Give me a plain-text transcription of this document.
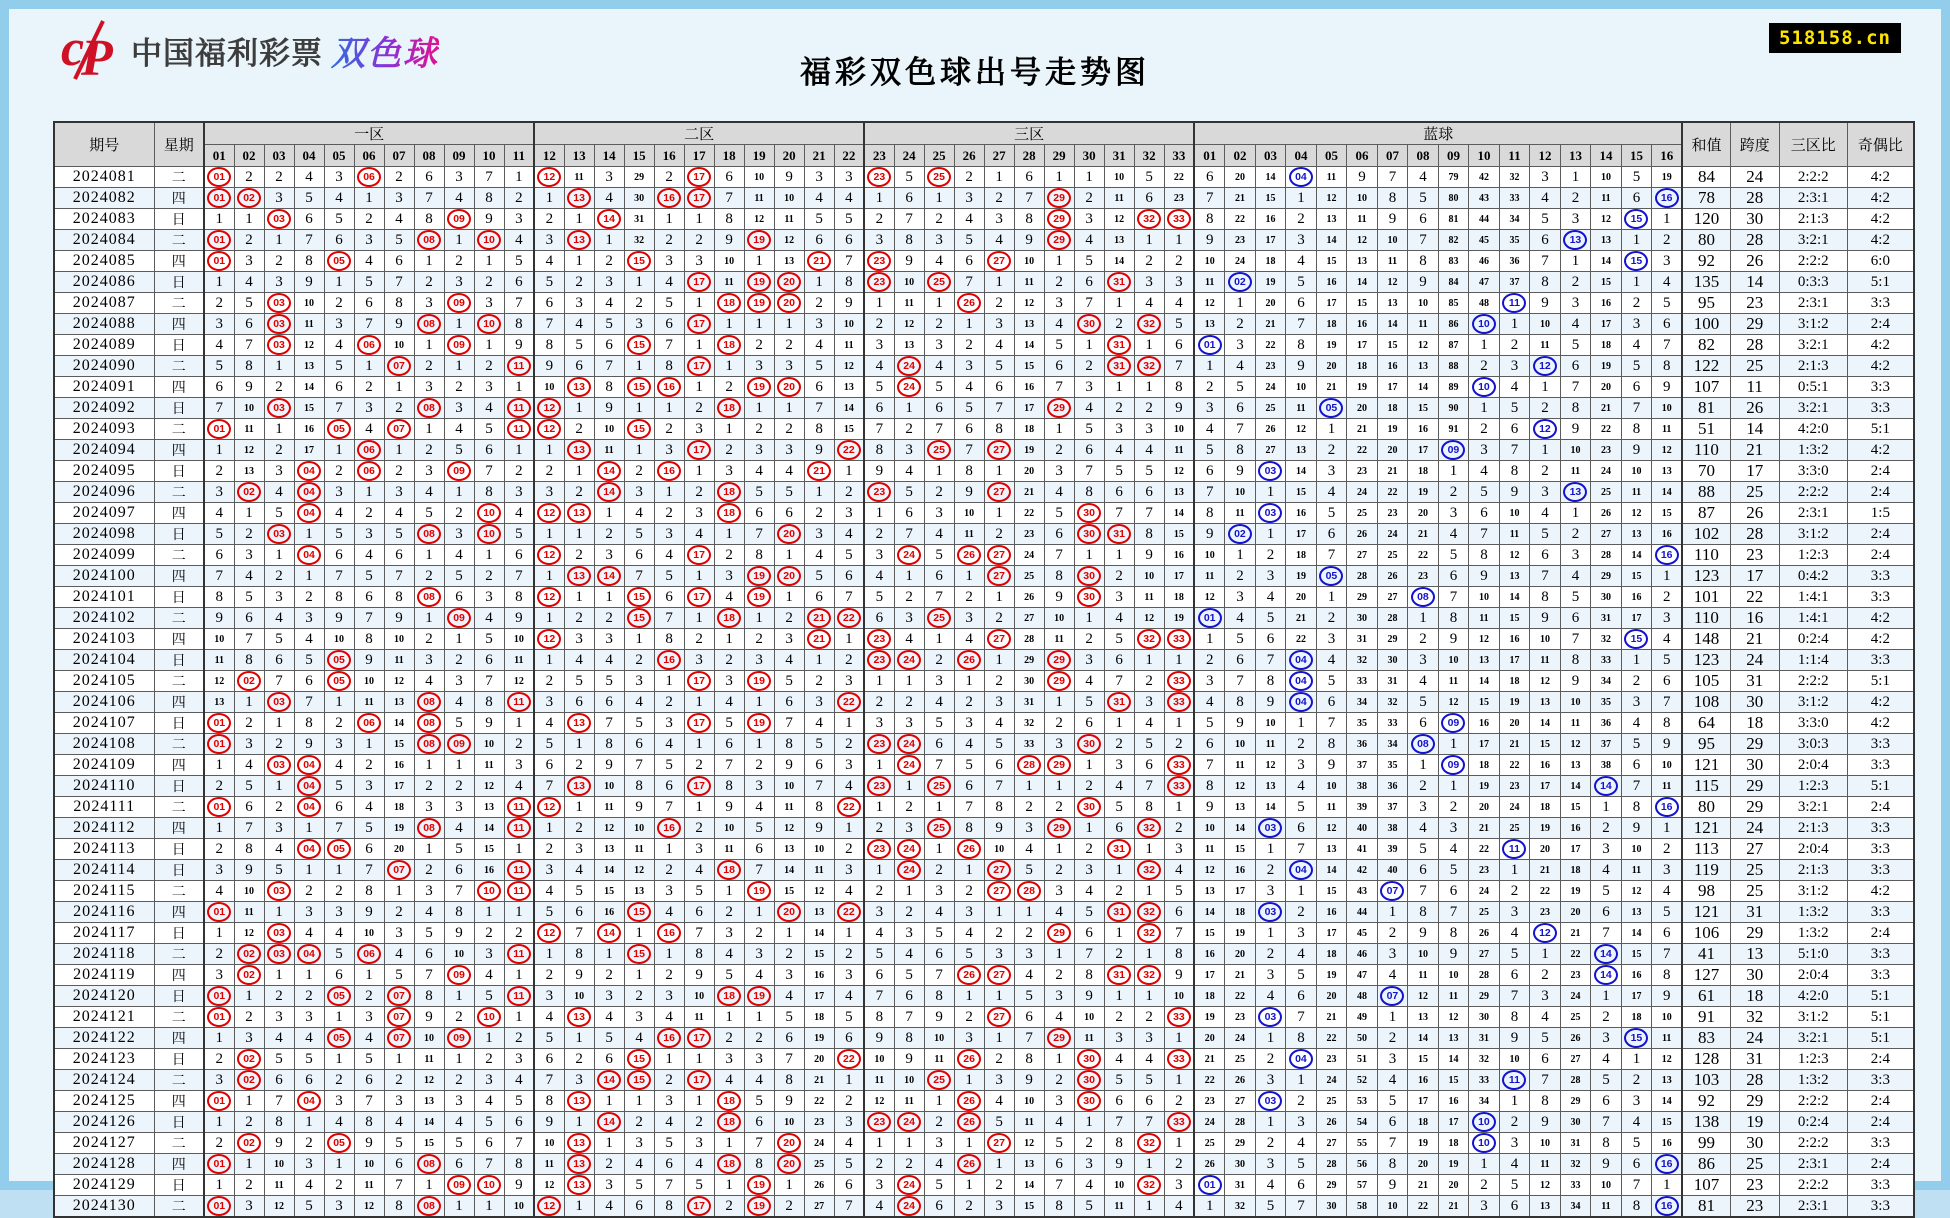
c
P 中国福利彩票 双色球	福彩双色球出号走势图
518158.cn
期号	星期	一区											二区											三区											蓝球																和值	跨度	三区比	奇偶比
		01	02	03	04	05	06	07	08	09	10	11	12	13	14	15	16	17	18	19	20	21	22	23	24	25	26	27	28	29	30	31	32	33	01	02	03	04	05	06	07	08	09	10	11	12	13	14	15	16				
2024081	二	01	2	2	4	3	06	2	6	3	7	1	12	11	3	29	2	17	6	10	9	3	3	23	5	25	2	1	6	1	1	10	5	22	6	20	14	04	11	9	7	4	79	42	32	3	1	10	5	19	84	24	2:2:2	4:2
2024082	四	01	02	3	5	4	1	3	7	4	8	2	1	13	4	30	16	17	7	11	10	4	4	1	6	1	3	2	7	29	2	11	6	23	7	21	15	1	12	10	8	5	80	43	33	4	2	11	6	16	78	28	2:3:1	4:2
2024083	日	1	1	03	6	5	2	4	8	09	9	3	2	1	14	31	1	1	8	12	11	5	5	2	7	2	4	3	8	29	3	12	32	33	8	22	16	2	13	11	9	6	81	44	34	5	3	12	15	1	120	30	2:1:3	4:2
2024084	二	01	2	1	7	6	3	5	08	1	10	4	3	13	1	32	2	2	9	19	12	6	6	3	8	3	5	4	9	29	4	13	1	1	9	23	17	3	14	12	10	7	82	45	35	6	13	13	1	2	80	28	3:2:1	4:2
2024085	四	01	3	2	8	05	4	6	1	2	1	5	4	1	2	15	3	3	10	1	13	21	7	23	9	4	6	27	10	1	5	14	2	2	10	24	18	4	15	13	11	8	83	46	36	7	1	14	15	3	92	26	2:2:2	6:0
2024086	日	1	4	3	9	1	5	7	2	3	2	6	5	2	3	1	4	17	11	19	20	1	8	23	10	25	7	1	11	2	6	31	3	3	11	02	19	5	16	14	12	9	84	47	37	8	2	15	1	4	135	14	0:3:3	5:1
2024087	二	2	5	03	10	2	6	8	3	09	3	7	6	3	4	2	5	1	18	19	20	2	9	1	11	1	26	2	12	3	7	1	4	4	12	1	20	6	17	15	13	10	85	48	11	9	3	16	2	5	95	23	2:3:1	3:3
2024088	四	3	6	03	11	3	7	9	08	1	10	8	7	4	5	3	6	17	1	1	1	3	10	2	12	2	1	3	13	4	30	2	32	5	13	2	21	7	18	16	14	11	86	10	1	10	4	17	3	6	100	29	3:1:2	2:4
2024089	日	4	7	03	12	4	06	10	1	09	1	9	8	5	6	15	7	1	18	2	2	4	11	3	13	3	2	4	14	5	1	31	1	6	01	3	22	8	19	17	15	12	87	1	2	11	5	18	4	7	82	28	3:2:1	4:2
2024090	二	5	8	1	13	5	1	07	2	1	2	11	9	6	7	1	8	17	1	3	3	5	12	4	24	4	3	5	15	6	2	31	32	7	1	4	23	9	20	18	16	13	88	2	3	12	6	19	5	8	122	25	2:1:3	4:2
2024091	四	6	9	2	14	6	2	1	3	2	3	1	10	13	8	15	16	1	2	19	20	6	13	5	24	5	4	6	16	7	3	1	1	8	2	5	24	10	21	19	17	14	89	10	4	1	7	20	6	9	107	11	0:5:1	3:3
2024092	日	7	10	03	15	7	3	2	08	3	4	11	12	1	9	1	1	2	18	1	1	7	14	6	1	6	5	7	17	29	4	2	2	9	3	6	25	11	05	20	18	15	90	1	5	2	8	21	7	10	81	26	3:2:1	3:3
2024093	二	01	11	1	16	05	4	07	1	4	5	11	12	2	10	15	2	3	1	2	2	8	15	7	2	7	6	8	18	1	5	3	3	10	4	7	26	12	1	21	19	16	91	2	6	12	9	22	8	11	51	14	4:2:0	5:1
2024094	四	1	12	2	17	1	06	1	2	5	6	1	1	13	11	1	3	17	2	3	3	9	22	8	3	25	7	27	19	2	6	4	4	11	5	8	27	13	2	22	20	17	09	3	7	1	10	23	9	12	110	21	1:3:2	4:2
2024095	日	2	13	3	04	2	06	2	3	09	7	2	2	1	14	2	16	1	3	4	4	21	1	9	4	1	8	1	20	3	7	5	5	12	6	9	03	14	3	23	21	18	1	4	8	2	11	24	10	13	70	17	3:3:0	2:4
2024096	二	3	02	4	04	3	1	3	4	1	8	3	3	2	14	3	1	2	18	5	5	1	2	23	5	2	9	27	21	4	8	6	6	13	7	10	1	15	4	24	22	19	2	5	9	3	13	25	11	14	88	25	2:2:2	2:4
2024097	四	4	1	5	04	4	2	4	5	2	10	4	12	13	1	4	2	3	18	6	6	2	3	1	6	3	10	1	22	5	30	7	7	14	8	11	03	16	5	25	23	20	3	6	10	4	1	26	12	15	87	26	2:3:1	1:5
2024098	日	5	2	03	1	5	3	5	08	3	10	5	1	1	2	5	3	4	1	7	20	3	4	2	7	4	11	2	23	6	30	31	8	15	9	02	1	17	6	26	24	21	4	7	11	5	2	27	13	16	102	28	3:1:2	2:4
2024099	二	6	3	1	04	6	4	6	1	4	1	6	12	2	3	6	4	17	2	8	1	4	5	3	24	5	26	27	24	7	1	1	9	16	10	1	2	18	7	27	25	22	5	8	12	6	3	28	14	16	110	23	1:2:3	2:4
2024100	四	7	4	2	1	7	5	7	2	5	2	7	1	13	14	7	5	1	3	19	20	5	6	4	1	6	1	27	25	8	30	2	10	17	11	2	3	19	05	28	26	23	6	9	13	7	4	29	15	1	123	17	0:4:2	3:3
2024101	日	8	5	3	2	8	6	8	08	6	3	8	12	1	1	15	6	17	4	19	1	6	7	5	2	7	2	1	26	9	30	3	11	18	12	3	4	20	1	29	27	08	7	10	14	8	5	30	16	2	101	22	1:4:1	3:3
2024102	二	9	6	4	3	9	7	9	1	09	4	9	1	2	2	15	7	1	18	1	2	21	22	6	3	25	3	2	27	10	1	4	12	19	01	4	5	21	2	30	28	1	8	11	15	9	6	31	17	3	110	16	1:4:1	4:2
2024103	四	10	7	5	4	10	8	10	2	1	5	10	12	3	3	1	8	2	1	2	3	21	1	23	4	1	4	27	28	11	2	5	32	33	1	5	6	22	3	31	29	2	9	12	16	10	7	32	15	4	148	21	0:2:4	4:2
2024104	日	11	8	6	5	05	9	11	3	2	6	11	1	4	4	2	16	3	2	3	4	1	2	23	24	2	26	1	29	29	3	6	1	1	2	6	7	04	4	32	30	3	10	13	17	11	8	33	1	5	123	24	1:1:4	3:3
2024105	二	12	02	7	6	05	10	12	4	3	7	12	2	5	5	3	1	17	3	19	5	2	3	1	1	3	1	2	30	29	4	7	2	33	3	7	8	04	5	33	31	4	11	14	18	12	9	34	2	6	105	31	2:2:2	5:1
2024106	四	13	1	03	7	1	11	13	08	4	8	11	3	6	6	4	2	1	4	1	6	3	22	2	2	4	2	3	31	1	5	31	3	33	4	8	9	04	6	34	32	5	12	15	19	13	10	35	3	7	108	30	3:1:2	4:2
2024107	日	01	2	1	8	2	06	14	08	5	9	1	4	13	7	5	3	17	5	19	7	4	1	3	3	5	3	4	32	2	6	1	4	1	5	9	10	1	7	35	33	6	09	16	20	14	11	36	4	8	64	18	3:3:0	4:2
2024108	二	01	3	2	9	3	1	15	08	09	10	2	5	1	8	6	4	1	6	1	8	5	2	23	24	6	4	5	33	3	30	2	5	2	6	10	11	2	8	36	34	08	1	17	21	15	12	37	5	9	95	29	3:0:3	3:3
2024109	四	1	4	03	04	4	2	16	1	1	11	3	6	2	9	7	5	2	7	2	9	6	3	1	24	7	5	6	28	29	1	3	6	33	7	11	12	3	9	37	35	1	09	18	22	16	13	38	6	10	121	30	2:0:4	3:3
2024110	日	2	5	1	04	5	3	17	2	2	12	4	7	13	10	8	6	17	8	3	10	7	4	23	1	25	6	7	1	1	2	4	7	33	8	12	13	4	10	38	36	2	1	19	23	17	14	14	7	11	115	29	1:2:3	5:1
2024111	二	01	6	2	04	6	4	18	3	3	13	11	12	1	11	9	7	1	9	4	11	8	22	1	2	1	7	8	2	2	30	5	8	1	9	13	14	5	11	39	37	3	2	20	24	18	15	1	8	16	80	29	3:2:1	2:4
2024112	四	1	7	3	1	7	5	19	08	4	14	11	1	2	12	10	16	2	10	5	12	9	1	2	3	25	8	9	3	29	1	6	32	2	10	14	03	6	12	40	38	4	3	21	25	19	16	2	9	1	121	24	2:1:3	3:3
2024113	日	2	8	4	04	05	6	20	1	5	15	1	2	3	13	11	1	3	11	6	13	10	2	23	24	1	26	10	4	1	2	31	1	3	11	15	1	7	13	41	39	5	4	22	11	20	17	3	10	2	113	27	2:0:4	3:3
2024114	日	3	9	5	1	1	7	07	2	6	16	11	3	4	14	12	2	4	18	7	14	11	3	1	24	2	1	27	5	2	3	1	32	4	12	16	2	04	14	42	40	6	5	23	1	21	18	4	11	3	119	25	2:1:3	3:3
2024115	二	4	10	03	2	2	8	1	3	7	10	11	4	5	15	13	3	5	1	19	15	12	4	2	1	3	2	27	28	3	4	2	1	5	13	17	3	1	15	43	07	7	6	24	2	22	19	5	12	4	98	25	3:1:2	4:2
2024116	四	01	11	1	3	3	9	2	4	8	1	1	5	6	16	15	4	6	2	1	20	13	22	3	2	4	3	1	1	4	5	31	32	6	14	18	03	2	16	44	1	8	7	25	3	23	20	6	13	5	121	31	1:3:2	3:3
2024117	日	1	12	03	4	4	10	3	5	9	2	2	12	7	14	1	16	7	3	2	1	14	1	4	3	5	4	2	2	29	6	1	32	7	15	19	1	3	17	45	2	9	8	26	4	12	21	7	14	6	106	29	1:3:2	2:4
2024118	二	2	02	03	04	5	06	4	6	10	3	11	1	8	1	15	1	8	4	3	2	15	2	5	4	6	5	3	3	1	7	2	1	8	16	20	2	4	18	46	3	10	9	27	5	1	22	14	15	7	41	13	5:1:0	3:3
2024119	四	3	02	1	1	6	1	5	7	09	4	1	2	9	2	1	2	9	5	4	3	16	3	6	5	7	26	27	4	2	8	31	32	9	17	21	3	5	19	47	4	11	10	28	6	2	23	14	16	8	127	30	2:0:4	3:3
2024120	日	01	1	2	2	05	2	07	8	1	5	11	3	10	3	2	3	10	18	19	4	17	4	7	6	8	1	1	5	3	9	1	1	10	18	22	4	6	20	48	07	12	11	29	7	3	24	1	17	9	61	18	4:2:0	5:1
2024121	二	01	2	3	3	1	3	07	9	2	10	1	4	13	4	3	4	11	1	1	5	18	5	8	7	9	2	27	6	4	10	2	2	33	19	23	03	7	21	49	1	13	12	30	8	4	25	2	18	10	91	32	3:1:2	5:1
2024122	四	1	3	4	4	05	4	07	10	09	1	2	5	1	5	4	16	17	2	2	6	19	6	9	8	10	3	1	7	29	11	3	3	1	20	24	1	8	22	50	2	14	13	31	9	5	26	3	15	11	83	24	3:2:1	5:1
2024123	日	2	02	5	5	1	5	1	11	1	2	3	6	2	6	15	1	1	3	3	7	20	22	10	9	11	26	2	8	1	30	4	4	33	21	25	2	04	23	51	3	15	14	32	10	6	27	4	1	12	128	31	1:2:3	2:4
2024124	二	3	02	6	6	2	6	2	12	2	3	4	7	3	14	15	2	17	4	4	8	21	1	11	10	25	1	3	9	2	30	5	5	1	22	26	3	1	24	52	4	16	15	33	11	7	28	5	2	13	103	28	1:3:2	3:3
2024125	四	01	1	7	04	3	7	3	13	3	4	5	8	13	1	1	3	1	18	5	9	22	2	12	11	1	26	4	10	3	30	6	6	2	23	27	03	2	25	53	5	17	16	34	1	8	29	6	3	14	92	29	2:2:2	2:4
2024126	日	1	2	8	1	4	8	4	14	4	5	6	9	1	14	2	4	2	18	6	10	23	3	23	24	2	26	5	11	4	1	7	7	33	24	28	1	3	26	54	6	18	17	10	2	9	30	7	4	15	138	19	0:2:4	2:4
2024127	二	2	02	9	2	05	9	5	15	5	6	7	10	13	1	3	5	3	1	7	20	24	4	1	1	3	1	27	12	5	2	8	32	1	25	29	2	4	27	55	7	19	18	10	3	10	31	8	5	16	99	30	2:2:2	3:3
2024128	四	01	1	10	3	1	10	6	08	6	7	8	11	13	2	4	6	4	18	8	20	25	5	2	2	4	26	1	13	6	3	9	1	2	26	30	3	5	28	56	8	20	19	1	4	11	32	9	6	16	86	25	2:3:1	2:4
2024129	日	1	2	11	4	2	11	7	1	09	10	9	12	13	3	5	7	5	1	19	1	26	6	3	24	5	1	2	14	7	4	10	32	3	01	31	4	6	29	57	9	21	20	2	5	12	33	10	7	1	107	23	2:2:2	3:3
2024130	二	01	3	12	5	3	12	8	08	1	1	10	12	1	4	6	8	17	2	19	2	27	7	4	24	6	2	3	15	8	5	11	1	4	1	32	5	7	30	58	10	22	21	3	6	13	34	11	8	16	81	23	2:3:1	3:3
